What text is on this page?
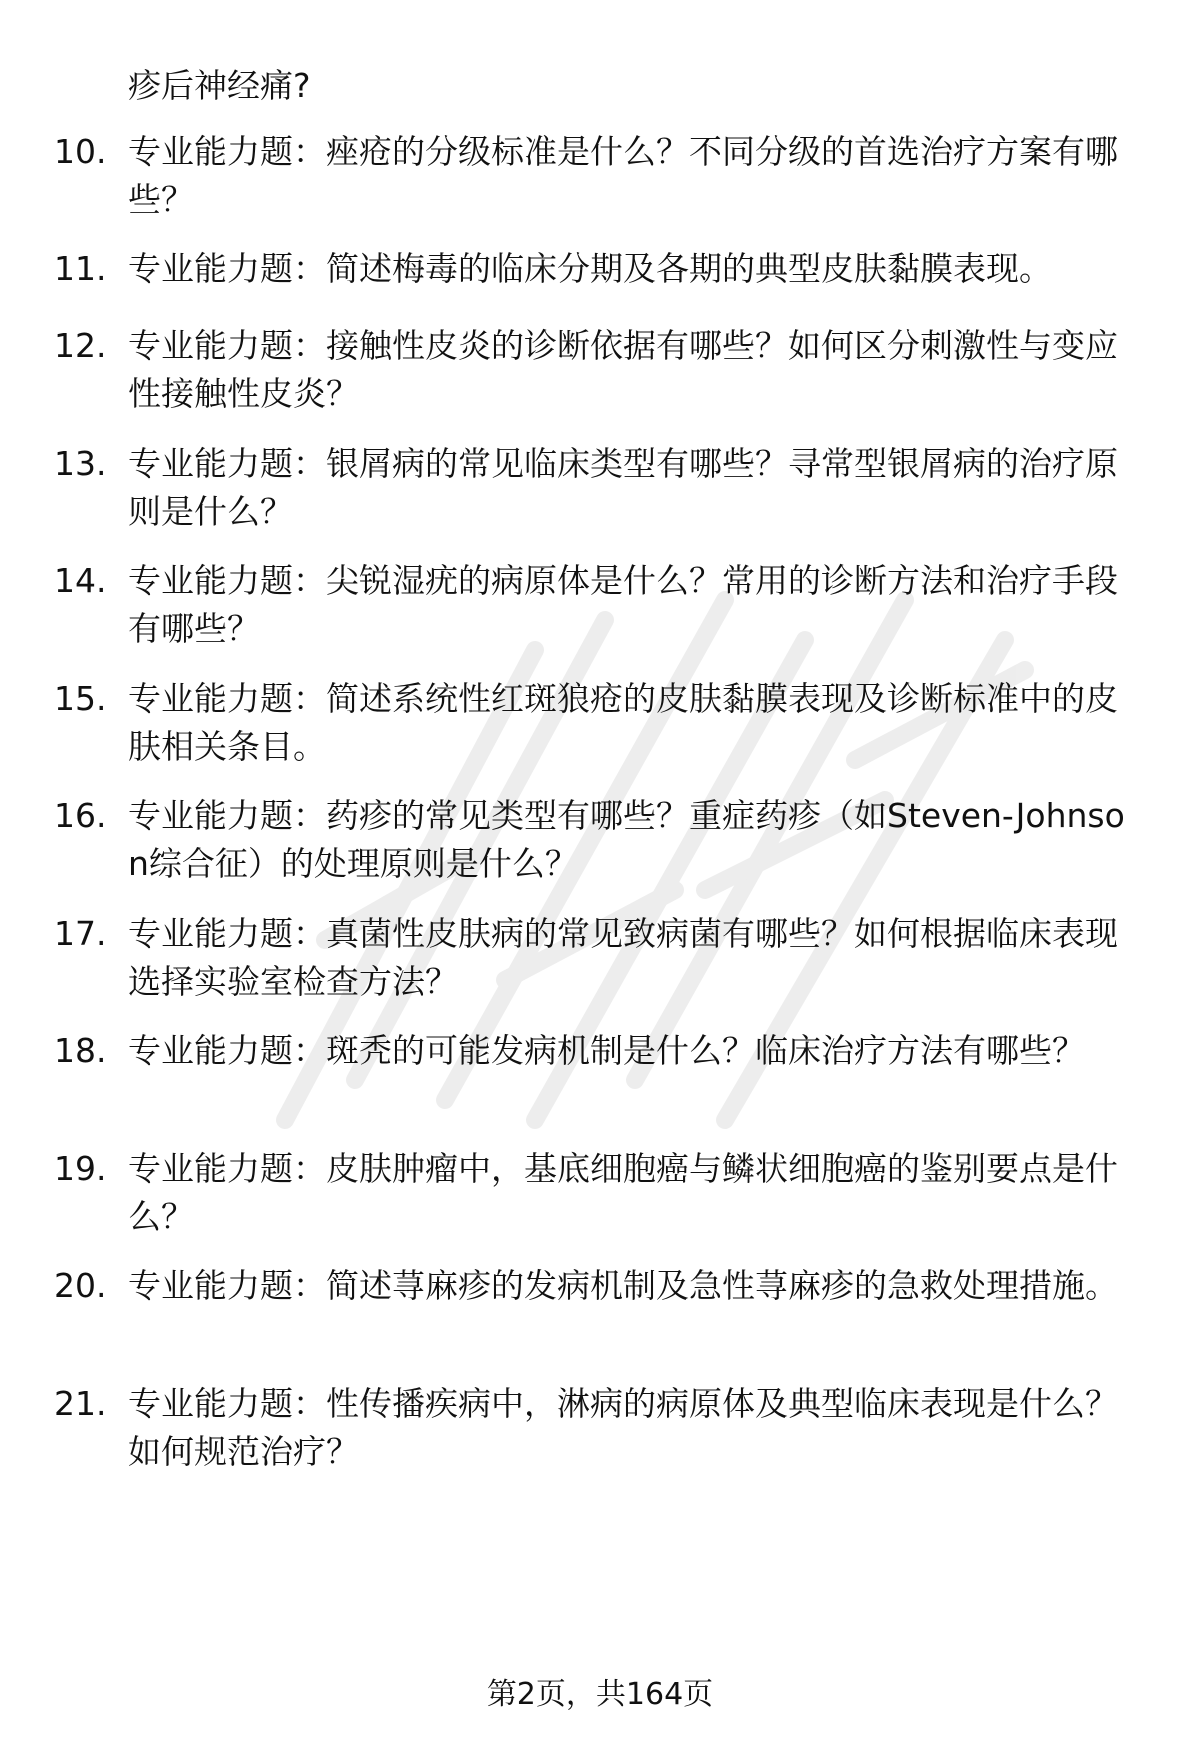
疹后神经痛?

10. 专业能力题：痤疮的分级标准是什么？不同分级的首选治疗方案有哪些？

11. 专业能力题：简述梅毒的临床分期及各期的典型皮肤黏膜表现。

12. 专业能力题：接触性皮炎的诊断依据有哪些？如何区分刺激性与变应性接触性皮炎？

13. 专业能力题：银屑病的常见临床类型有哪些？寻常型银屑病的治疗原则是什么？

14. 专业能力题：尖锐湿疣的病原体是什么？常用的诊断方法和治疗手段有哪些？

15. 专业能力题：简述系统性红斑狼疮的皮肤黏膜表现及诊断标准中的皮肤相关条目。

16. 专业能力题：药疹的常见类型有哪些？重症药疹（如Steven-Johnson综合征）的处理原则是什么？

17. 专业能力题：真菌性皮肤病的常见致病菌有哪些？如何根据临床表现选择实验室检查方法？

18. 专业能力题：斑秃的可能发病机制是什么？临床治疗方法有哪些？

19. 专业能力题：皮肤肿瘤中，基底细胞癌与鳞状细胞癌的鉴别要点是什么？

20. 专业能力题：简述荨麻疹的发病机制及急性荨麻疹的急救处理措施。

21. 专业能力题：性传播疾病中，淋病的病原体及典型临床表现是什么？如何规范治疗？

第2页，共164页
